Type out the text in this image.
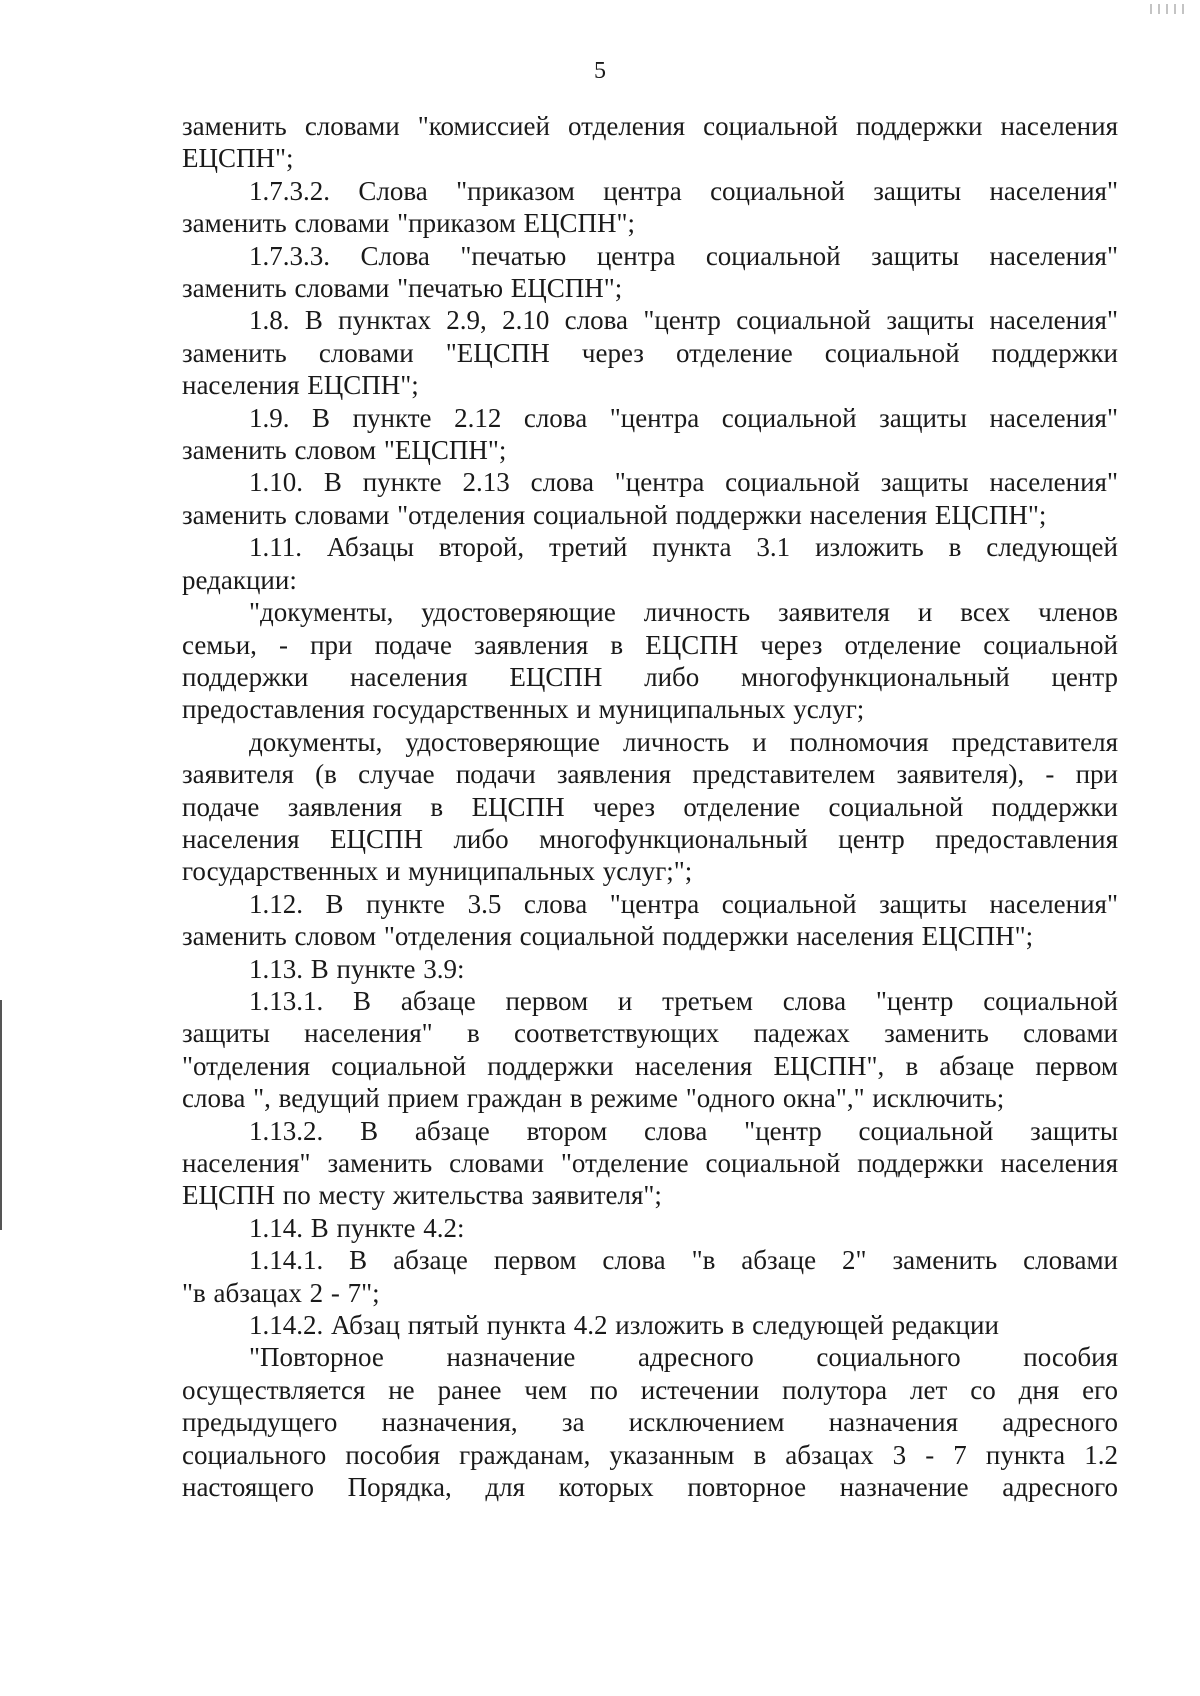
5

заменить словами "комиссией отделения социальной поддержки населения

ЕЦСПН";

1.7.3.2. Слова "приказом центра социальной защиты населения"

заменить словами "приказом ЕЦСПН";

1.7.3.3. Слова "печатью центра социальной защиты населения"

заменить словами "печатью ЕЦСПН";

1.8. В пунктах 2.9, 2.10 слова "центр социальной защиты населения"

заменить словами "ЕЦСПН через отделение социальной поддержки

населения ЕЦСПН";

1.9. В пункте 2.12 слова "центра социальной защиты населения"

заменить словом "ЕЦСПН";

1.10. В пункте 2.13 слова "центра социальной защиты населения"

заменить словами "отделения социальной поддержки населения ЕЦСПН";

1.11. Абзацы второй, третий пункта 3.1 изложить в следующей

редакции:

"документы, удостоверяющие личность заявителя и всех членов

семьи, - при подаче заявления в ЕЦСПН через отделение социальной

поддержки населения ЕЦСПН либо многофункциональный центр

предоставления государственных и муниципальных услуг;

документы, удостоверяющие личность и полномочия представителя

заявителя (в случае подачи заявления представителем заявителя), - при

подаче заявления в ЕЦСПН через отделение социальной поддержки

населения ЕЦСПН либо многофункциональный центр предоставления

государственных и муниципальных услуг;";

1.12. В пункте 3.5 слова "центра социальной защиты населения"

заменить словом "отделения социальной поддержки населения ЕЦСПН";

1.13. В пункте 3.9:

1.13.1. В абзаце первом и третьем слова "центр социальной

защиты населения" в соответствующих падежах заменить словами

"отделения социальной поддержки населения ЕЦСПН", в абзаце первом

слова ", ведущий прием граждан в режиме "одного окна"," исключить;

1.13.2. В абзаце втором слова "центр социальной защиты

населения" заменить словами "отделение социальной поддержки населения

ЕЦСПН по месту жительства заявителя";

1.14. В пункте 4.2:

1.14.1. В абзаце первом слова "в абзаце 2" заменить словами

"в абзацах 2 - 7";

1.14.2. Абзац пятый пункта 4.2 изложить в следующей редакции

"Повторное назначение адресного социального пособия

осуществляется не ранее чем по истечении полутора лет со дня его

предыдущего назначения, за исключением назначения адресного

социального пособия гражданам, указанным в абзацах 3 - 7 пункта 1.2

настоящего Порядка, для которых повторное назначение адресного
